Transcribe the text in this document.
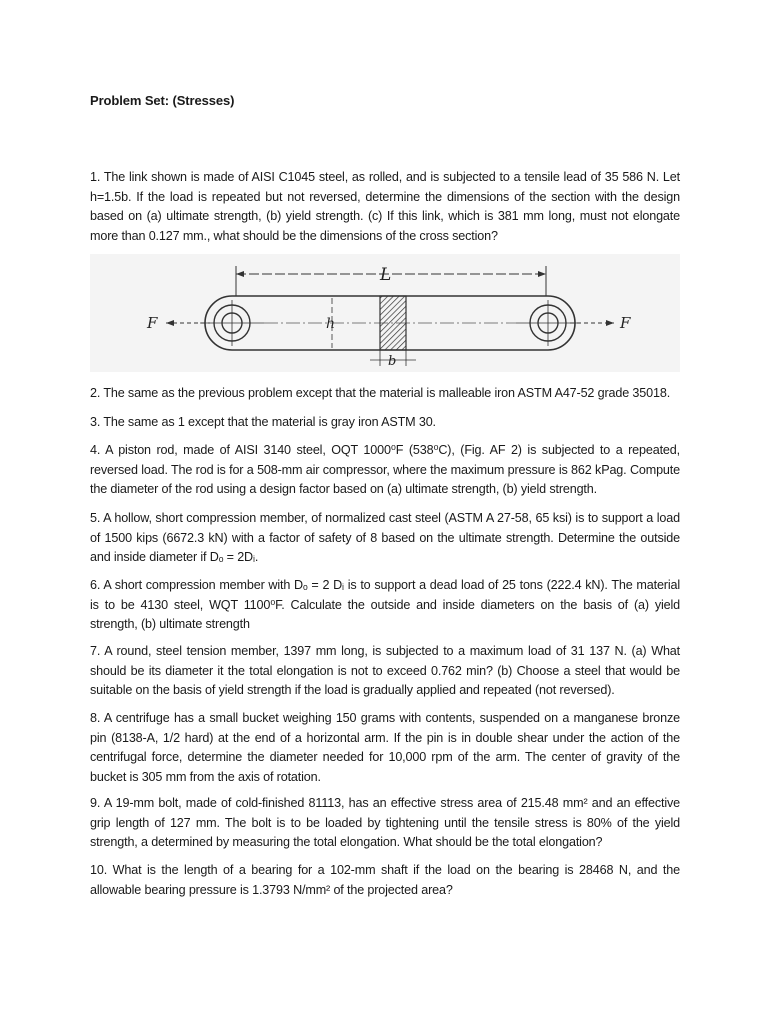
Problem Set: (Stresses)
1. The link shown is made of AISI C1045 steel, as rolled, and is subjected to a tensile lead of 35 586 N. Let h=1.5b. If the load is repeated but not reversed, determine the dimensions of the section with the design based on (a) ultimate strength, (b) yield strength. (c) If this link, which is 381 mm long, must not elongate more than 0.127 mm., what should be the dimensions of the cross section?
L
h
b
F	F
2. The same as the previous problem except that the material is malleable iron ASTM A47-52 grade 35018.
3. The same as 1 except that the material is gray iron ASTM 30.
4. A piston rod, made of AISI 3140 steel, OQT 1000⁰F (538⁰C), (Fig. AF 2) is subjected to a repeated, reversed load. The rod is for a 508-mm air compressor, where the maximum pressure is 862 kPag. Compute the diameter of the rod using a design factor based on (a) ultimate strength, (b) yield strength.
5. A hollow, short compression member, of normalized cast steel (ASTM A 27-58, 65 ksi) is to support a load of 1500 kips (6672.3 kN) with a factor of safety of 8 based on the ultimate strength. Determine the outside and inside diameter if Dₒ = 2Dᵢ.
6. A short compression member with Dₒ = 2 Dᵢ is to support a dead load of 25 tons (222.4 kN). The material is to be 4130 steel, WQT 1100⁰F. Calculate the outside and inside diameters on the basis of (a) yield strength, (b) ultimate strength
7. A round, steel tension member, 1397 mm long, is subjected to a maximum load of 31 137 N. (a) What should be its diameter it the total elongation is not to exceed 0.762 min? (b) Choose a steel that would be suitable on the basis of yield strength if the load is gradually applied and repeated (not reversed).
8. A centrifuge has a small bucket weighing 150 grams with contents, suspended on a manganese bronze pin (8138-A, 1/2 hard) at the end of a horizontal arm. If the pin is in double shear under the action of the centrifugal force, determine the diameter needed for 10,000 rpm of the arm. The center of gravity of the bucket is 305 mm from the axis of rotation.
9. A 19-mm bolt, made of cold-finished 81113, has an effective stress area of 215.48 mm² and an effective grip length of 127 mm. The bolt is to be loaded by tightening until the tensile stress is 80% of the yield strength, a determined by measuring the total elongation. What should be the total elongation?
10. What is the length of a bearing for a 102-mm shaft if the load on the bearing is 28468 N, and the allowable bearing pressure is 1.3793 N/mm² of the projected area?
